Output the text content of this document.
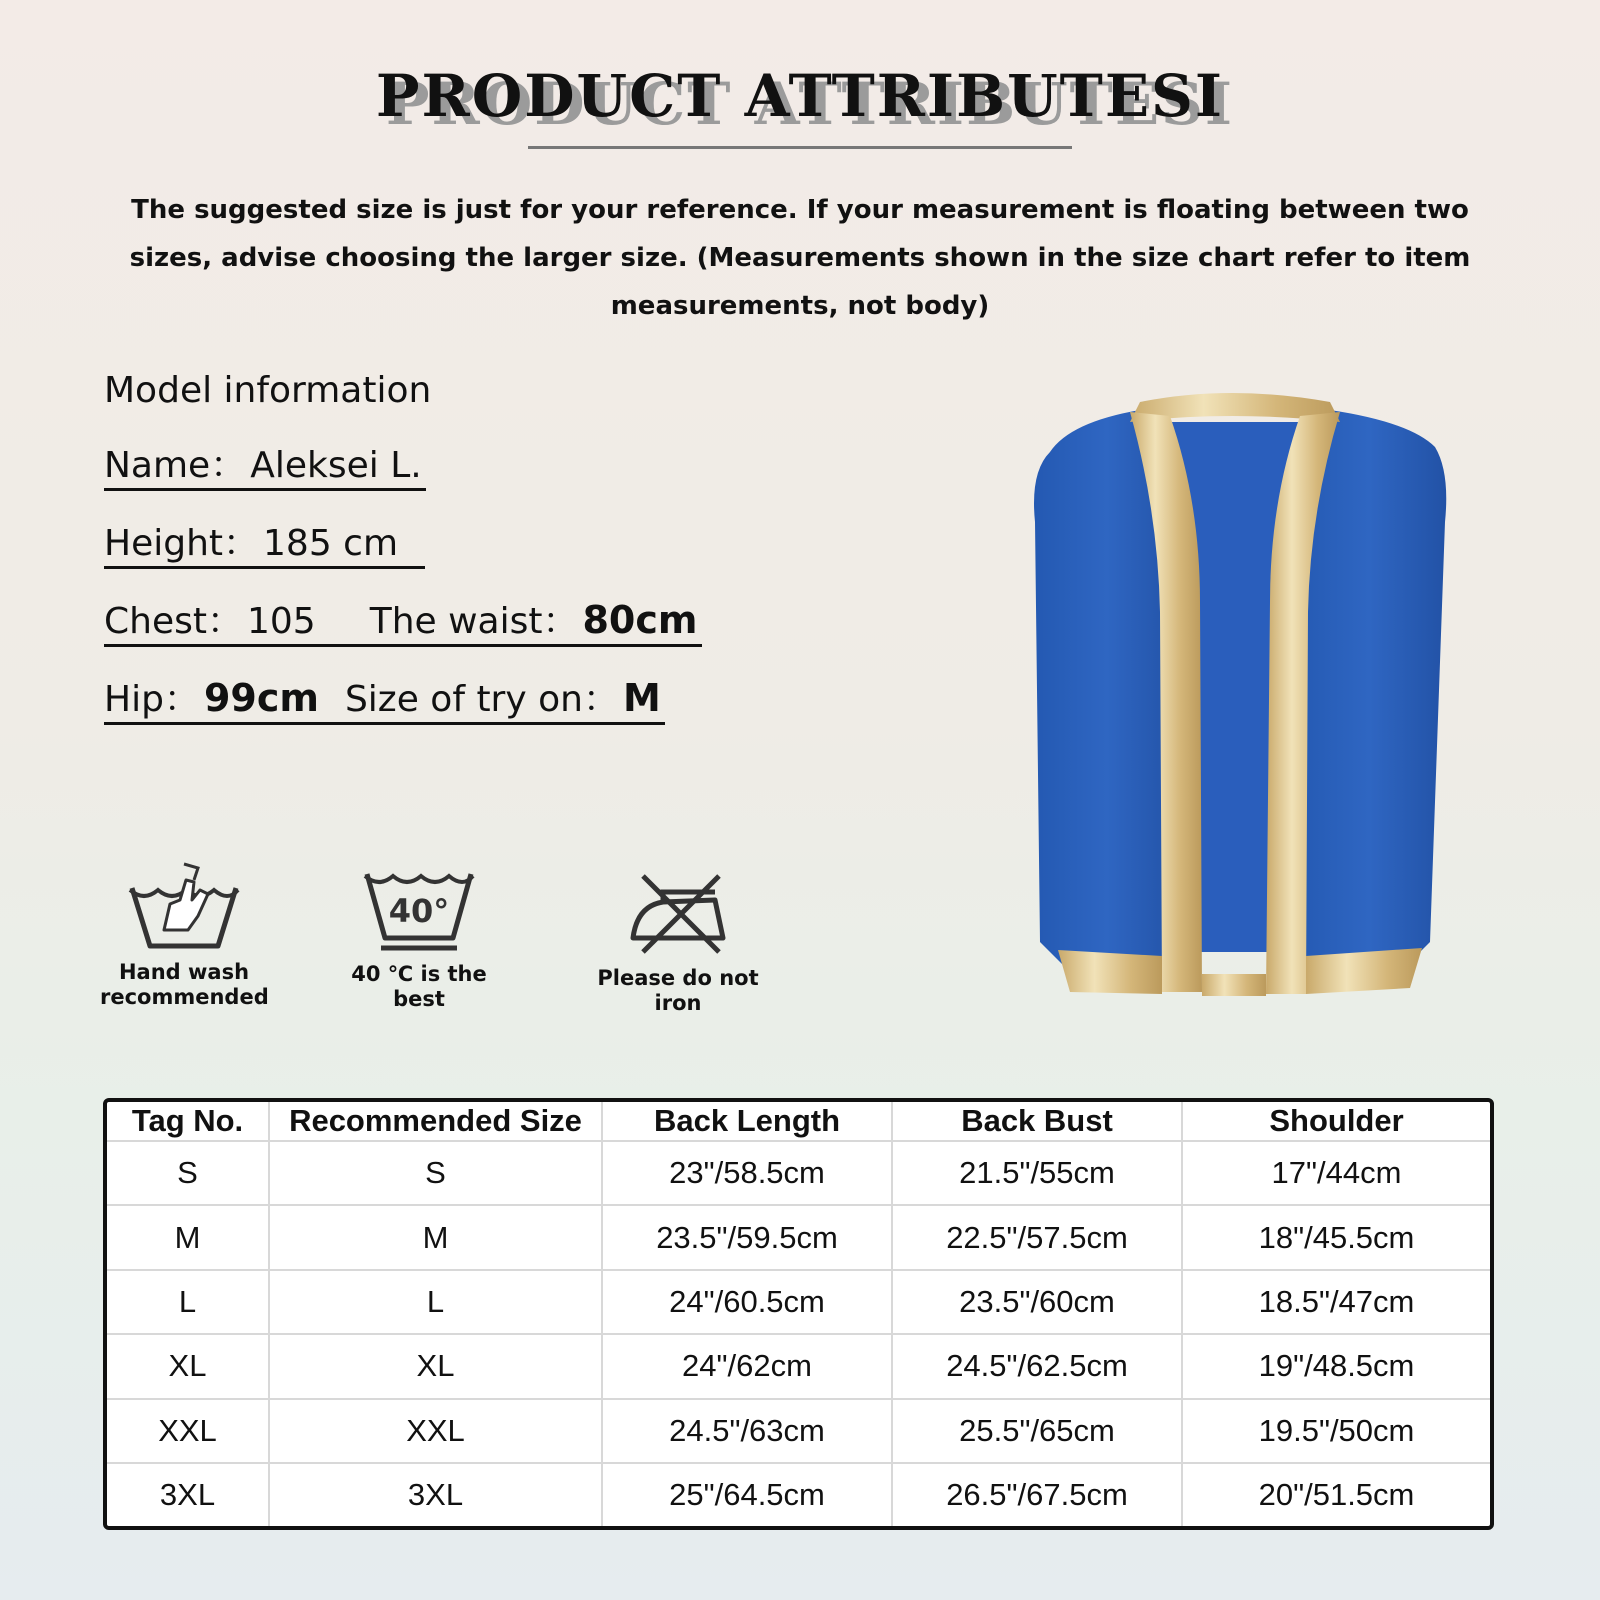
PRODUCT ATTRIBUTESI
The suggested size is just for your reference. If your measurement is floating between two sizes, advise choosing the larger size. (Measurements shown in the size chart refer to item measurements, not body)
Model information
Name： Aleksei L.
Height： 185 cm
Chest： 105 The waist： 80cm
Hip： 99cm Size of try on： M
Hand wash
recommended
40°
40 ℃ is the best
Please do not iron
Tag No.	Recommended Size	Back Length	Back Bust	Shoulder
S	S	23"/58.5cm	21.5"/55cm	17"/44cm
M	M	23.5"/59.5cm	22.5"/57.5cm	18"/45.5cm
L	L	24"/60.5cm	23.5"/60cm	18.5"/47cm
XL	XL	24"/62cm	24.5"/62.5cm	19"/48.5cm
XXL	XXL	24.5"/63cm	25.5"/65cm	19.5"/50cm
3XL	3XL	25"/64.5cm	26.5"/67.5cm	20"/51.5cm
